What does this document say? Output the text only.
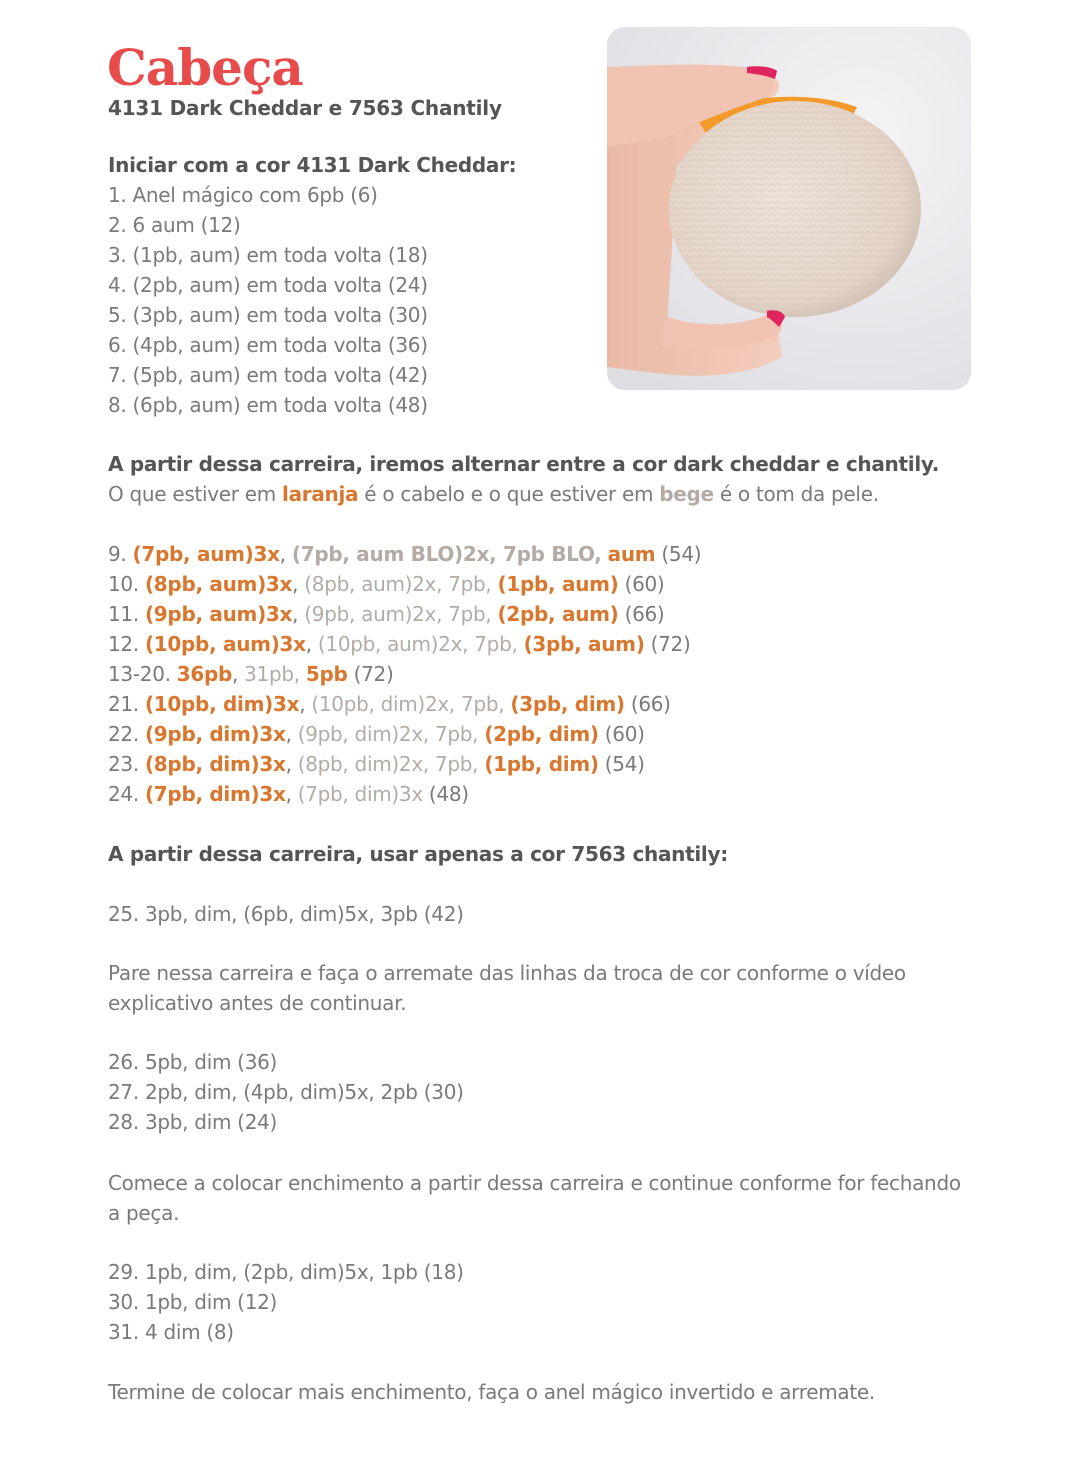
Cabeça
4131 Dark Cheddar e 7563 Chantily
Iniciar com a cor 4131 Dark Cheddar:
1. Anel mágico com 6pb (6)
2. 6 aum (12)
3. (1pb, aum) em toda volta (18)
4. (2pb, aum) em toda volta (24)
5. (3pb, aum) em toda volta (30)
6. (4pb, aum) em toda volta (36)
7. (5pb, aum) em toda volta (42)
8. (6pb, aum) em toda volta (48)
A partir dessa carreira, iremos alternar entre a cor dark cheddar e chantily.
O que estiver em laranja é o cabelo e o que estiver em bege é o tom da pele.
9. (7pb, aum)3x, (7pb, aum BLO)2x, 7pb BLO, aum (54)
10. (8pb, aum)3x, (8pb, aum)2x, 7pb, (1pb, aum) (60)
11. (9pb, aum)3x, (9pb, aum)2x, 7pb, (2pb, aum) (66)
12. (10pb, aum)3x, (10pb, aum)2x, 7pb, (3pb, aum) (72)
13-20. 36pb, 31pb, 5pb (72)
21. (10pb, dim)3x, (10pb, dim)2x, 7pb, (3pb, dim) (66)
22. (9pb, dim)3x, (9pb, dim)2x, 7pb, (2pb, dim) (60)
23. (8pb, dim)3x, (8pb, dim)2x, 7pb, (1pb, dim) (54)
24. (7pb, dim)3x, (7pb, dim)3x (48)
A partir dessa carreira, usar apenas a cor 7563 chantily:
25. 3pb, dim, (6pb, dim)5x, 3pb (42)
Pare nessa carreira e faça o arremate das linhas da troca de cor conforme o vídeo explicativo antes de continuar.
26. 5pb, dim (36)
27. 2pb, dim, (4pb, dim)5x, 2pb (30)
28. 3pb, dim (24)
Comece a colocar enchimento a partir dessa carreira e continue conforme for fechando a peça.
29. 1pb, dim, (2pb, dim)5x, 1pb (18)
30. 1pb, dim (12)
31. 4 dim (8)
Termine de colocar mais enchimento, faça o anel mágico invertido e arremate.
